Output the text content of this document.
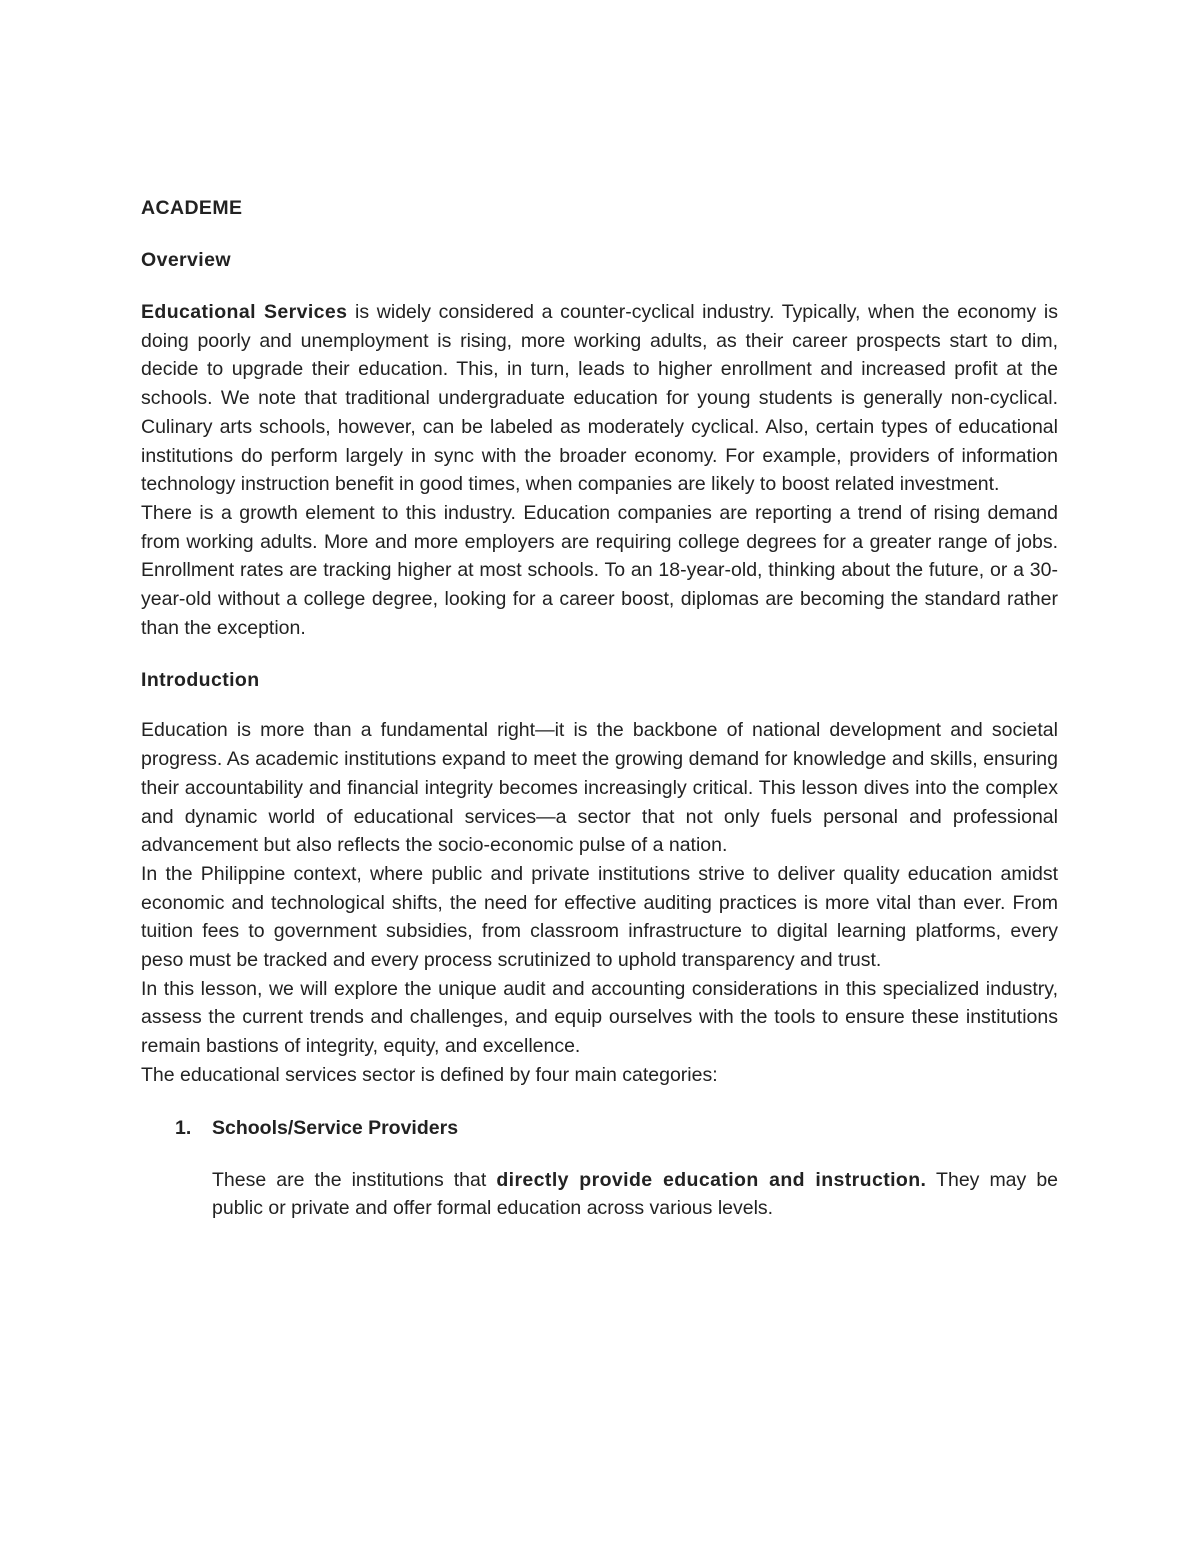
ACADEME
Overview

Educational Services is widely considered a counter-cyclical industry. Typically, when the economy is doing poorly and unemployment is rising, more working adults, as their career prospects start to dim, decide to upgrade their education. This, in turn, leads to higher enrollment and increased profit at the schools. We note that traditional undergraduate education for young students is generally non-cyclical. Culinary arts schools, however, can be labeled as moderately cyclical. Also, certain types of educational institutions do perform largely in sync with the broader economy. For example, providers of information technology instruction benefit in good times, when companies are likely to boost related investment.

There is a growth element to this industry. Education companies are reporting a trend of rising demand from working adults. More and more employers are requiring college degrees for a greater range of jobs. Enrollment rates are tracking higher at most schools. To an 18-year-old, thinking about the future, or a 30-year-old without a college degree, looking for a career boost, diplomas are becoming the standard rather than the exception.

Introduction

Education is more than a fundamental right—it is the backbone of national development and societal progress. As academic institutions expand to meet the growing demand for knowledge and skills, ensuring their accountability and financial integrity becomes increasingly critical. This lesson dives into the complex and dynamic world of educational services—a sector that not only fuels personal and professional advancement but also reflects the socio-economic pulse of a nation.

In the Philippine context, where public and private institutions strive to deliver quality education amidst economic and technological shifts, the need for effective auditing practices is more vital than ever. From tuition fees to government subsidies, from classroom infrastructure to digital learning platforms, every peso must be tracked and every process scrutinized to uphold transparency and trust.

In this lesson, we will explore the unique audit and accounting considerations in this specialized industry, assess the current trends and challenges, and equip ourselves with the tools to ensure these institutions remain bastions of integrity, equity, and excellence.

The educational services sector is defined by four main categories:

1. Schools/Service Providers

These are the institutions that directly provide education and instruction. They may be public or private and offer formal education across various levels.
